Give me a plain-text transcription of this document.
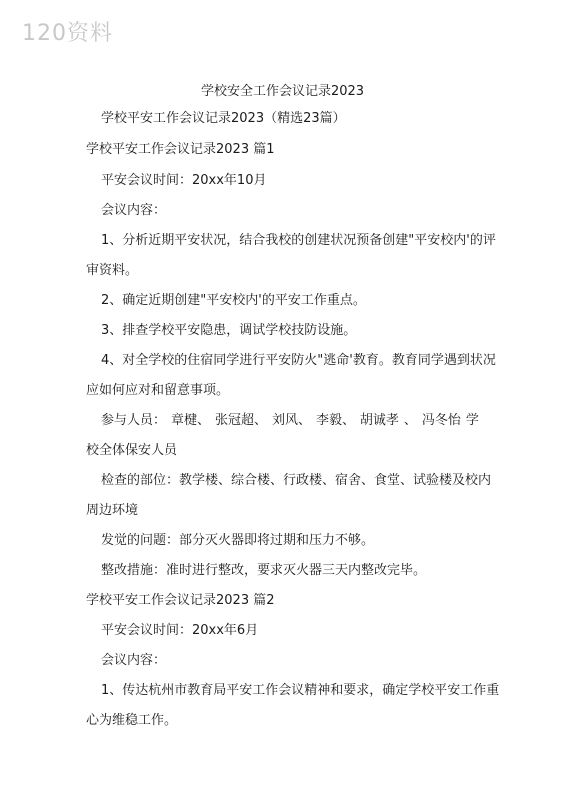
120资料
学校安全工作会议记录2023
学校平安工作会议记录2023（精选23篇）
学校平安工作会议记录2023 篇1
平安会议时间：20xx年10月
会议内容：
1、分析近期平安状况，结合我校的创建状况预备创建"平安校内'的评
审资料。
2、确定近期创建"平安校内'的平安工作重点。
3、排查学校平安隐患，调试学校技防设施。
4、对全学校的住宿同学进行平安防火"逃命'教育。教育同学遇到状况
应如何应对和留意事项。
参与人员： 章楗、 张冠超、 刘风、 李毅、 胡诚孝 、 冯冬怡 学
校全体保安人员
检查的部位：教学楼、综合楼、行政楼、宿舍、食堂、试验楼及校内
周边环境
发觉的问题：部分灭火器即将过期和压力不够。
整改措施：准时进行整改，要求灭火器三天内整改完毕。
学校平安工作会议记录2023 篇2
平安会议时间：20xx年6月
会议内容：
1、传达杭州市教育局平安工作会议精神和要求，确定学校平安工作重
心为维稳工作。
